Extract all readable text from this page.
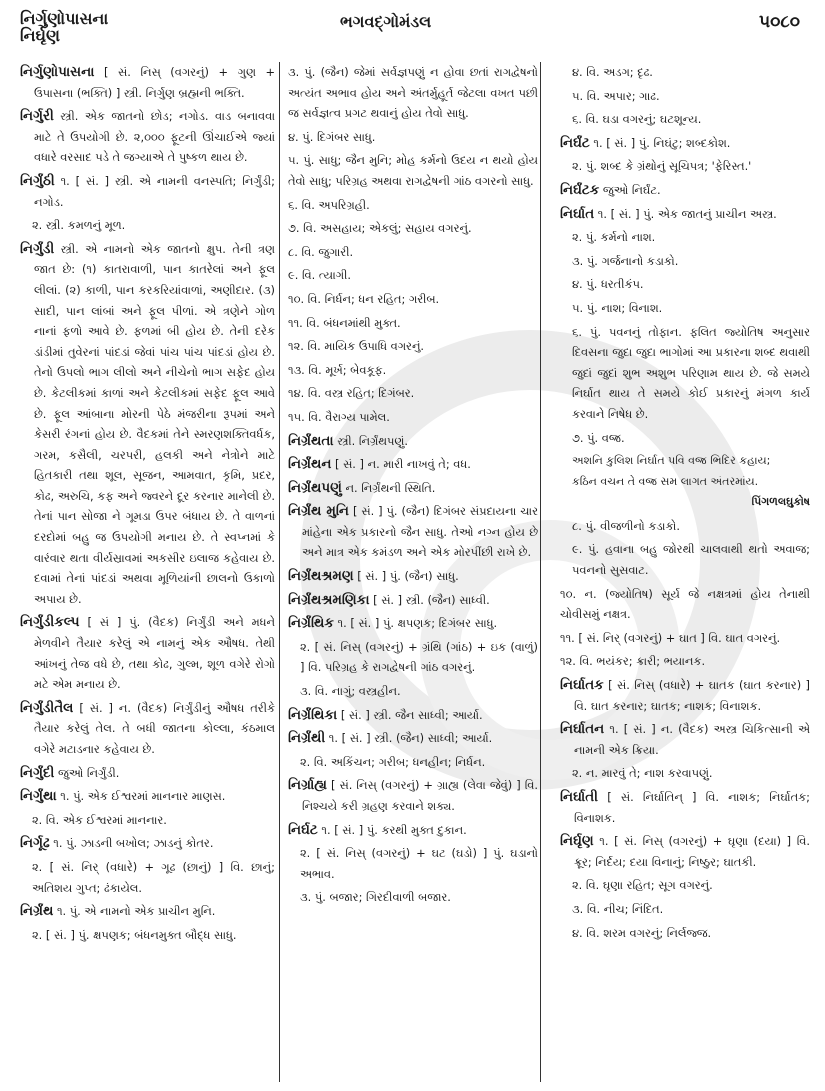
નિર્ગુણોપાસના
નિર્ઘૃણ
ભગવદ્ગોમંડલ	૫૦૮૦

નિર્ગુણોપાસના [ સં. નિસ્ (વગરનું) + ગુણ + ઉપાસના (ભક્તિ) ] સ્ત્રી. નિર્ગુણ બ્રહ્મની ભક્તિ.

નિર્ગુરી સ્ત્રી. એક જાતનો છોડ; નગોડ. વાડ બનાવવા માટે તે ઉપયોગી છે. ૨,૦૦૦ ફૂટની ઊંચાઈએ જ્યાં વધારે વરસાદ પડે તે જગ્યાએ તે પુષ્કળ થાય છે.

નિર્ગુંઠી ૧. [ સં. ] સ્ત્રી. એ નામની વનસ્પતિ; નિર્ગુંડી; નગોડ.

૨. સ્ત્રી. કમળનું મૂળ.

નિર્ગુંડી સ્ત્રી. એ નામનો એક જાતનો ક્ષુપ. તેની ત્રણ જાત છે: (૧) કાતરાવાળી, પાન કાતરેલાં અને ફૂલ લીલાં. (૨) કાળી, પાન કરકરિયાંવાળાં, અણીદાર. (૩) સાદી, પાન લાંબાં અને ફૂલ પીળાં. એ ત્રણેને ગોળ નાનાં ફળો આવે છે. ફળમાં બી હોય છે. તેની દરેક ડાંડીમાં તુવેરનાં પાંદડાં જેવાં પાંચ પાંચ પાંદડાં હોય છે. તેનો ઉપલો ભાગ લીલો અને નીચેનો ભાગ સફેદ હોય છે. કેટલીકમાં કાળાં અને કેટલીકમાં સફેદ ફૂલ આવે છે. ફૂલ આંબાના મોરની પેઠે મંજરીના રૂપમાં અને કેસરી રંગનાં હોય છે. વૈદકમાં તેને સ્મરણશક્તિવર્ધક, ગરમ, કસૈલી, ચરપરી, હલકી અને નેત્રોને માટે હિતકારી તથા શૂલ, સૂજન, આમવાત, કૃમિ, પ્રદર, કોઢ, અરુચિ, કફ અને જ્વરને દૂર કરનાર માનેલી છે. તેનાં પાન સોજા ને ગૂમડા ઉપર બંધાય છે. તે વાળનાં દરદોમાં બહુ જ ઉપયોગી મનાય છે. તે સ્વપ્નમાં કે વારંવાર થતા વીર્યસ્રાવમાં અકસીર ઇલાજ કહેવાય છે. દવામાં તેનાં પાંદડાં અથવા મૂળિયાંની છાલનો ઉકાળો અપાય છે.

નિર્ગુંડીકલ્પ [ સં ] પું. (વૈદક) નિર્ગુંડી અને મધને મેળવીને તૈયાર કરેલું એ નામનું એક ઔષધ. તેથી આંખનું તેજ વધે છે, તથા કોઢ, ગુલ્મ, શૂળ વગેરે રોગો મટે એમ મનાય છે.

નિર્ગુંડીતૈલ [ સં. ] ન. (વૈદક) નિર્ગુંડીનું ઔષધ તરીકે તૈયાર કરેલું તેલ. તે બધી જાતના કોલ્લા, કંઠમાલ વગેરે મટાડનાર કહેવાય છે.

નિર્ગુંદી જુઓ નિર્ગુંડી.

નિર્ગુંથા ૧. પું. એક ઈશ્વરમાં માનનાર માણસ.

૨. વિ. એક ઈશ્વરમાં માનનાર.

નિર્ગૂઢ ૧. પું. ઝાડની બખોલ; ઝાડનું કોતર.

૨. [ સં. નિર્ (વધારે) + ગૂઢ (છાનું) ] વિ. છાનું; અતિશય ગુપ્ત; ઢંકાયેલ.

નિર્ગ્રંથ ૧. પું. એ નામનો એક પ્રાચીન મુનિ.

૨. [ સં. ] પું. ક્ષપણક; બંધનમુક્ત બૌદ્ધ સાધુ.

૩. પું. (જૈન) જેમાં સર્વજ્ઞપણું ન હોવા છતાં રાગદ્વેષનો અત્યંત અભાવ હોય અને અંતર્મુહૂર્ત જેટલા વખત પછી જ સર્વજ્ઞત્વ પ્રગટ થવાનું હોય તેવો સાધુ.

૪. પું. દિગંબર સાધુ.

૫. પું. સાધુ; જૈન મુનિ; મોહ કર્મનો ઉદય ન થયો હોય તેવો સાધુ; પરિગ્રહ અથવા રાગદ્વેષની ગાંઠ વગરનો સાધુ.

૬. વિ. અપરિગ્રહી.

૭. વિ. અસહાય; એકલું; સહાય વગરનું.

૮. વિ. જુગારી.

૯. વિ. ત્યાગી.

૧૦. વિ. નિર્ધન; ધન રહિત; ગરીબ.

૧૧. વિ. બંધનમાંથી મુક્ત.

૧૨. વિ. માયિક ઉપાધિ વગરનું.

૧૩. વિ. મૂર્ખ; બેવકૂફ.

૧૪. વિ. વસ્ત્ર રહિત; દિગંબર.

૧૫. વિ. વૈરાગ્ય પામેલ.

નિર્ગ્રંથતા સ્ત્રી. નિર્ગ્રંથપણું.

નિર્ગ્રંથન [ સં. ] ન. મારી નાખવું તે; વધ.

નિર્ગ્રંથપણું ન. નિર્ગ્રંથની સ્થિતિ.

નિર્ગ્રંથ મુનિ [ સં. ] પું. (જૈન) દિગંબર સંપ્રદાયના ચાર માંહેના એક પ્રકારનો જૈન સાધુ. તેઓ નગ્ન હોય છે અને માત્ર એક કમંડળ અને એક મોરપીંછી રાખે છે.

નિર્ગ્રંથશ્રમણ [ સં. ] પું. (જૈન) સાધુ.

નિર્ગ્રંથશ્રમણિકા [ સં. ] સ્ત્રી. (જૈન) સાધ્વી.

નિર્ગ્રંથિક ૧. [ સં. ] પું. ક્ષપણક; દિગંબર સાધુ.

૨. [ સં. નિસ્ (વગરનું) + ગ્રંથિ (ગાંઠ) + ઇક (વાળું) ] વિ. પરિગ્રહ કે રાગદ્વેષની ગાંઠ વગરનું.

૩. વિ. નાગું; વસ્ત્રહીન.

નિર્ગ્રંથિકા [ સં. ] સ્ત્રી. જૈન સાધ્વી; આર્યા.

નિર્ગ્રંથી ૧. [ સં. ] સ્ત્રી. (જૈન) સાધ્વી; આર્યા.

૨. વિ. અકિંચન; ગરીબ; ધનહીન; નિર્ધન.

નિર્ગ્રાહ્ય [ સં. નિસ્ (વગરનું) + ગ્રાહ્ય (લેવા જેવું) ] વિ. નિશ્ચયે કરી ગ્રહણ કરવાને શક્ય.

નિર્ઘટ ૧. [ સં. ] પું. કરથી મુક્ત દુકાન.

૨. [ સં. નિસ્ (વગરનું) + ઘટ (ઘડો) ] પું. ઘડાનો અભાવ.

૩. પું. બજાર; ગિરદીવાળી બજાર.

૪. વિ. અડગ; દૃઢ.

૫. વિ. અપાર; ગાઢ.

૬. વિ. ઘડા વગરનું; ઘટશૂન્ય.

નિર્ઘંટ ૧. [ સં. ] પું. નિઘંટુ; શબ્દકોશ.

૨. પું. શબ્દ કે ગ્રંથોનું સૂચિપત્ર; 'ફેરિસ્ત.'

નિર્ઘંટક જુઓ નિર્ઘંટ.

નિર્ઘાત ૧. [ સં. ] પું. એક જાતનું પ્રાચીન અસ્ત્ર.

૨. પું. કર્મનો નાશ.

૩. પું. ગર્જનાનો કડાકો.

૪. પું. ધરતીકંપ.

૫. પું. નાશ; વિનાશ.

૬. પું. પવનનું તોફાન. ફલિત જ્યોતિષ અનુસાર દિવસના જુદા જુદા ભાગોમાં આ પ્રકારના શબ્દ થવાથી જુદાં જુદાં શુભ અશુભ પરિણામ થાય છે. જે સમયે નિર્ઘાત થાય તે સમયે કોઈ પ્રકારનું મંગળ કાર્ય કરવાને નિષેધ છે.

૭. પું. વજ્ર.

અશનિ કુલિશ નિર્ઘાત પવિ વજ્ર ભિદિર કહાય;

કઠિન વચન તે વજ્ર સમ લાગત અંતરમાંય.

પિંગળલઘુકોષ

૮. પું. વીજળીનો કડાકો.

૯. પું. હવાના બહુ જોરથી ચાલવાથી થતો અવાજ; પવનનો સુસવાટ.

૧૦. ન. (જ્યોતિષ) સૂર્ય જે નક્ષત્રમાં હોય તેનાથી ચોવીસમું નક્ષત્ર.

૧૧. [ સં. નિર્ (વગરનું) + ઘાત ] વિ. ઘાત વગરનું.

૧૨. વિ. ભયંકર; ક્રારી; ભયાનક.

નિર્ઘાતક [ સં. નિસ્ (વધારે) + ઘાતક (ઘાત કરનાર) ] વિ. ઘાત કરનાર; ઘાતક; નાશક; વિનાશક.

નિર્ઘાતન ૧. [ સં. ] ન. (વૈદક) અસ્ત્ર ચિકિત્સાની એ નામની એક ક્રિયા.

૨. ન. મારવું તે; નાશ કરવાપણું.

નિર્ઘાતી [ સં. નિર્ઘાતિન્ ] વિ. નાશક; નિર્ઘાતક; વિનાશક.

નિર્ઘૃણ ૧. [ સં. નિસ્ (વગરનું) + ઘૃણા (દયા) ] વિ. ક્રૂર; નિર્દય; દયા વિનાનું; નિષ્ઠુર; ઘાતકી.

૨. વિ. ઘૃણા રહિત; સૂગ વગરનું.

૩. વિ. નીચ; નિંદિત.

૪. વિ. શરમ વગરનું; નિર્લજ્જ.
